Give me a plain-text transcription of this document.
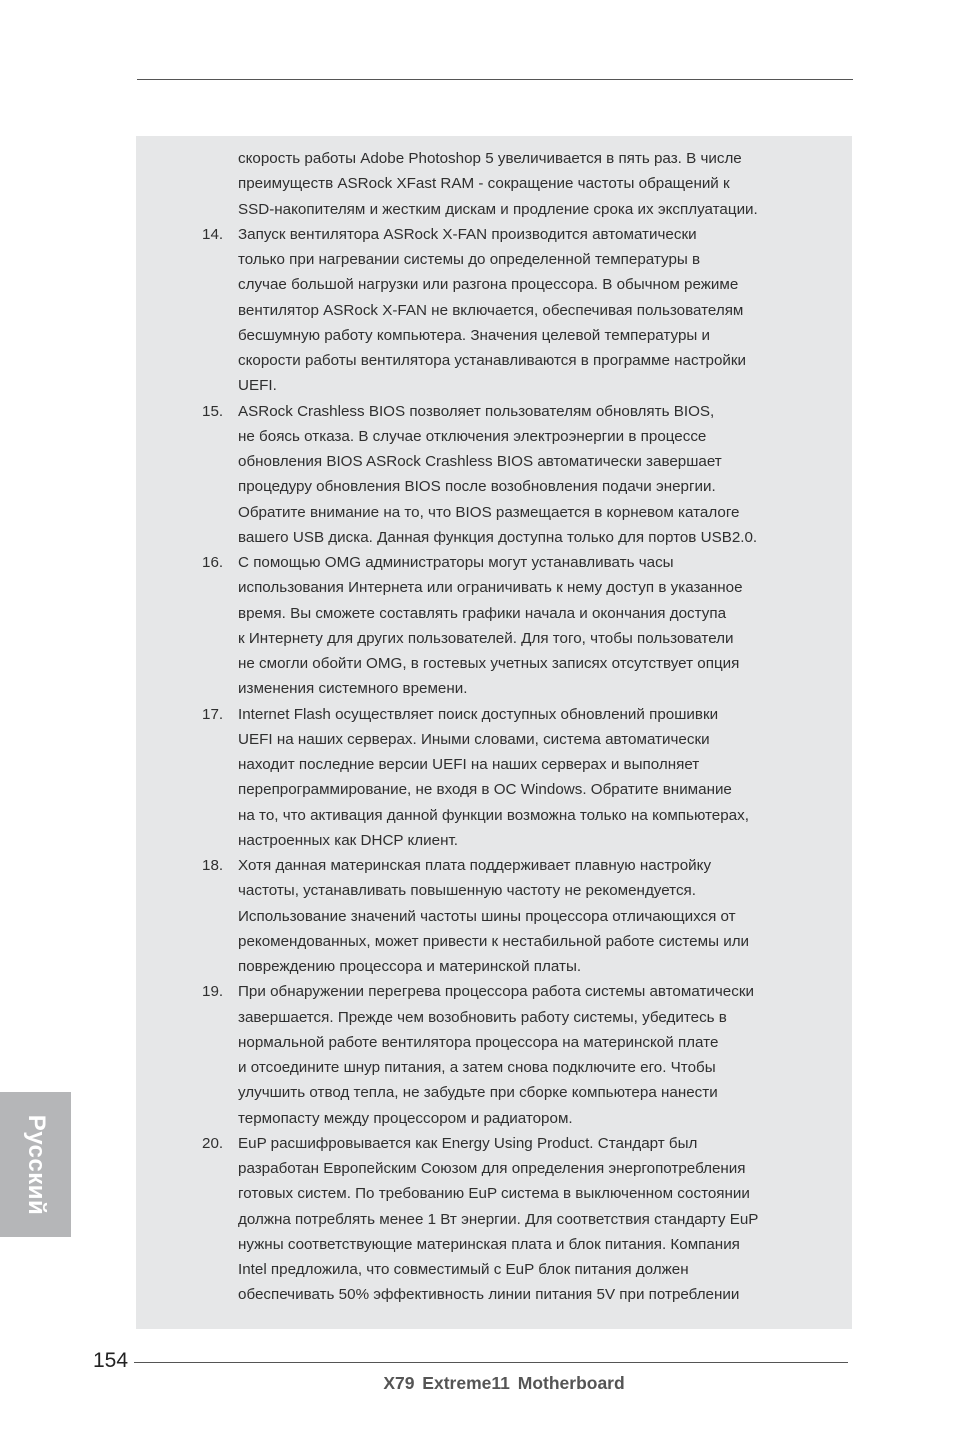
скорость работы Adobe Photoshop 5 увеличивается в пять раз. В числе
преимуществ ASRock XFast RAM - сокращение частоты обращений к
SSD-накопителям и жестким дискам и продление срока их эксплуатации.
Запуск вентилятора ASRock X-FAN производится автоматически
только при нагревании системы до определенной температуры в
случае большой нагрузки или разгона процессора. В обычном режиме
вентилятор ASRock X-FAN не включается, обеспечивая пользователям
бесшумную работу компьютера. Значения целевой температуры и
скорости работы вентилятора устанавливаются в программе настройки
UEFI.
ASRock Crashless BIOS позволяет пользователям обновлять BIOS,
не боясь отказа. В случае отключения электроэнергии в процессе
обновления BIOS ASRock Crashless BIOS автоматически завершает
процедуру обновления BIOS после возобновления подачи энергии.
Обратите внимание на то, что BIOS размещается в корневом каталоге
вашего USB диска. Данная функция доступна только для портов USB2.0.
С помощью OMG администраторы могут устанавливать часы
использования Интернета или ограничивать к нему доступ в указанное
время. Вы сможете составлять графики начала и окончания доступа
к Интернету для других пользователей. Для того, чтобы пользователи
не смогли обойти OMG, в гостевых учетных записях отсутствует опция
изменения системного времени.
Internet Flash осуществляет поиск доступных обновлений прошивки
UEFI на наших серверах. Иными словами, система автоматически
находит последние версии UEFI на наших серверах и выполняет
перепрограммирование, не входя в ОС Windows. Обратите внимание
на то, что активация данной функции возможна только на компьютерах,
настроенных как DHCP клиент.
Хотя данная материнская плата поддерживает плавную настройку
частоты, устанавливать повышенную частоту не рекомендуется.
Использование значений частоты шины процессора отличающихся от
рекомендованных, может привести к нестабильной работе системы или
повреждению процессора и материнской платы.
При обнаружении перегрева процессора работа системы автоматически
завершается. Прежде чем возобновить работу системы, убедитесь в
нормальной работе вентилятора процессора на материнской плате
и отсоедините шнур питания, а затем снова подключите его. Чтобы
улучшить отвод тепла, не забудьте при сборке компьютера нанести
термопасту между процессором и радиатором.
EuP расшифровывается как Energy Using Product. Стандарт был
разработан Европейским Союзом для определения энергопотребления
готовых систем. По требованию EuP система в выключенном состоянии
должна потреблять менее 1 Вт энергии. Для соответствия стандарту EuP
нужны соответствующие материнская плата и блок питания. Компания
Intel предложила, что совместимый с EuP блок питания должен
обеспечивать 50% эффективность линии питания 5V при потреблении
14.
15.
16.
17.
18.
19.
20.
Русский
154
X79 Extreme11 Motherboard
